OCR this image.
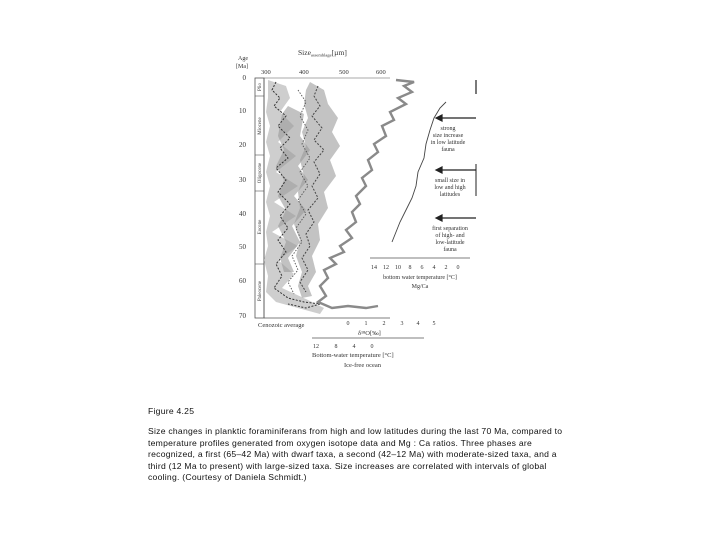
Size$_{assemblage}$[µm]
Age
[Ma]
300	400	500	600
0
10
20
30
40
50
60
70
Plio
Miocene
Oligocene
Eocene
Paleocene
strong
size increase
in low latitude
fauna
small size in
low and high
latitudes
first separation
of high- and
low-latitude
fauna
14 12 10 8 6 4 2 0
bottom water temperature [°C]
Mg/Ca
Cenozoic average	0	1	2	3 4 5
δ¹⁸O[‰]
12	8	4	0
Bottom-water temperature [°C]
Ice-free ocean
Figure 4.25

Size changes in planktic foraminiferans from high and low latitudes during the last 70 Ma, compared to temperature profiles generated from oxygen isotope data and Mg : Ca ratios. Three phases are recognized, a first (65–42 Ma) with dwarf taxa, a second (42–12 Ma) with moderate-sized taxa, and a third (12 Ma to present) with large-sized taxa. Size increases are correlated with intervals of global cooling. (Courtesy of Daniela Schmidt.)
